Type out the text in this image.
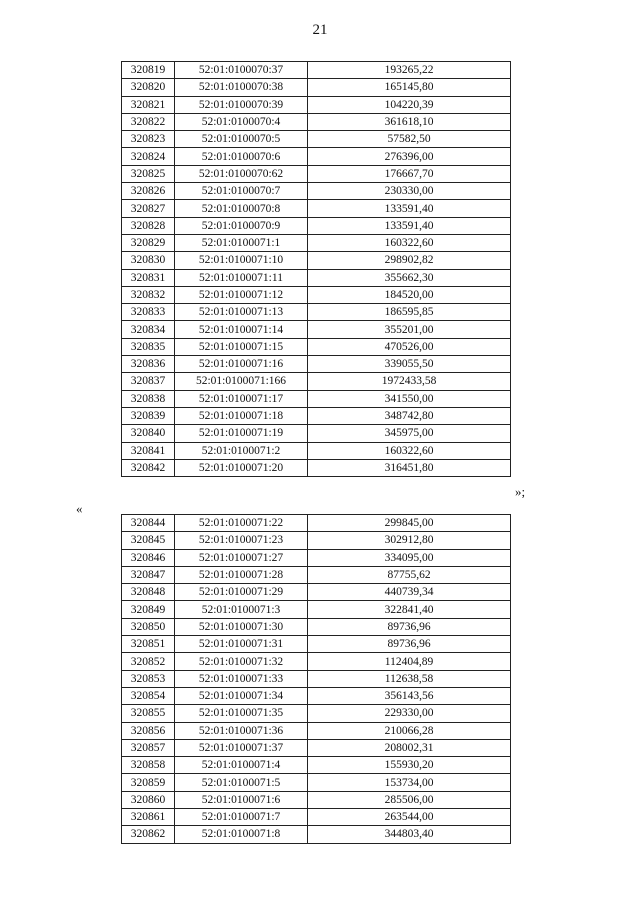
21
320819	52:01:0100070:37	193265,22
320820	52:01:0100070:38	165145,80
320821	52:01:0100070:39	104220,39
320822	52:01:0100070:4	361618,10
320823	52:01:0100070:5	57582,50
320824	52:01:0100070:6	276396,00
320825	52:01:0100070:62	176667,70
320826	52:01:0100070:7	230330,00
320827	52:01:0100070:8	133591,40
320828	52:01:0100070:9	133591,40
320829	52:01:0100071:1	160322,60
320830	52:01:0100071:10	298902,82
320831	52:01:0100071:11	355662,30
320832	52:01:0100071:12	184520,00
320833	52:01:0100071:13	186595,85
320834	52:01:0100071:14	355201,00
320835	52:01:0100071:15	470526,00
320836	52:01:0100071:16	339055,50
320837	52:01:0100071:166	1972433,58
320838	52:01:0100071:17	341550,00
320839	52:01:0100071:18	348742,80
320840	52:01:0100071:19	345975,00
320841	52:01:0100071:2	160322,60
320842	52:01:0100071:20	316451,80
»;
«
320844	52:01:0100071:22	299845,00
320845	52:01:0100071:23	302912,80
320846	52:01:0100071:27	334095,00
320847	52:01:0100071:28	87755,62
320848	52:01:0100071:29	440739,34
320849	52:01:0100071:3	322841,40
320850	52:01:0100071:30	89736,96
320851	52:01:0100071:31	89736,96
320852	52:01:0100071:32	112404,89
320853	52:01:0100071:33	112638,58
320854	52:01:0100071:34	356143,56
320855	52:01:0100071:35	229330,00
320856	52:01:0100071:36	210066,28
320857	52:01:0100071:37	208002,31
320858	52:01:0100071:4	155930,20
320859	52:01:0100071:5	153734,00
320860	52:01:0100071:6	285506,00
320861	52:01:0100071:7	263544,00
320862	52:01:0100071:8	344803,40
